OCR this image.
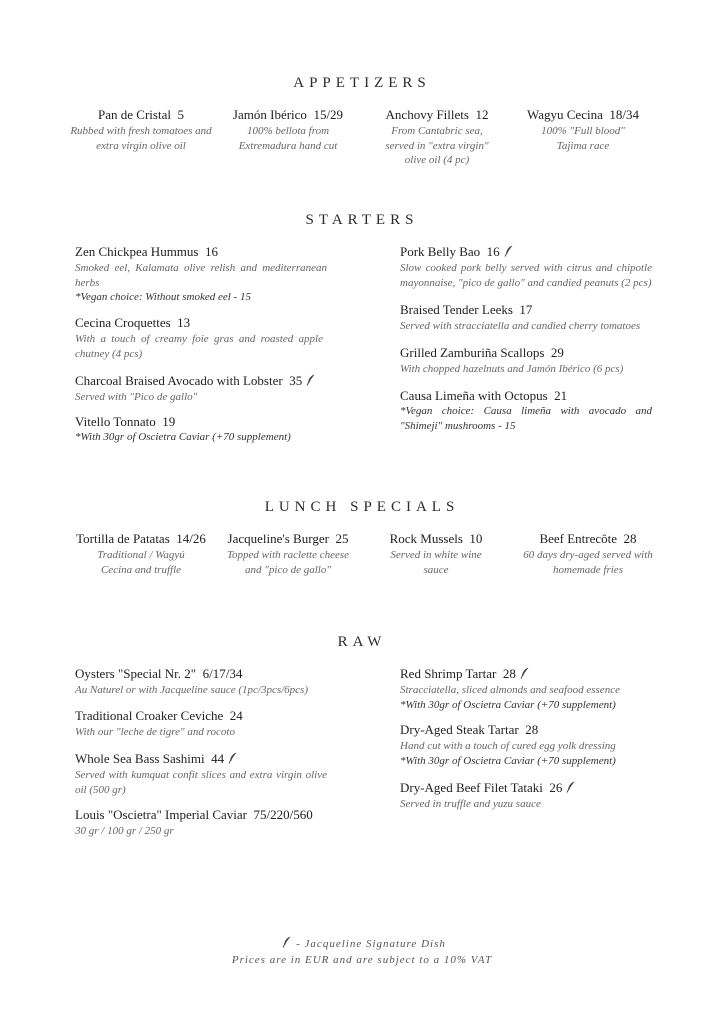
APPETIZERS
Pan de Cristal 5
Rubbed with fresh tomatoes and extra virgin olive oil
Jamón Ibérico 15/29
100% bellota from Extremadura hand cut
Anchovy Fillets 12
From Cantabric sea, served in "extra virgin" olive oil (4 pc)
Wagyu Cecina 18/34
100% "Full blood" Tajima race
STARTERS
Zen Chickpea Hummus 16
Smoked eel, Kalamata olive relish and mediterranean herbs
*Vegan choice: Without smoked eel - 15
Cecina Croquettes 13
With a touch of creamy foie gras and roasted apple chutney (4 pcs)
Charcoal Braised Avocado with Lobster 35
Served with "Pico de gallo"
Vitello Tonnato 19
*With 30gr of Oscietra Caviar (+70 supplement)
Pork Belly Bao 16
Slow cooked pork belly served with citrus and chipotle mayonnaise, "pico de gallo" and candied peanuts (2 pcs)
Braised Tender Leeks 17
Served with stracciatella and candied cherry tomatoes
Grilled Zamburiña Scallops 29
With chopped hazelnuts and Jamón Ibérico (6 pcs)
Causa Limeña with Octopus 21
*Vegan choice: Causa limeña with avocado and "Shimeji" mushrooms - 15
LUNCH SPECIALS
Tortilla de Patatas 14/26
Traditional / Wagyú Cecina and truffle
Jacqueline's Burger 25
Topped with raclette cheese and "pico de gallo"
Rock Mussels 10
Served in white wine sauce
Beef Entrecôte 28
60 days dry-aged served with homemade fries
RAW
Oysters "Special Nr. 2" 6/17/34
Au Naturel or with Jacqueline sauce (1pc/3pcs/6pcs)
Traditional Croaker Ceviche 24
With our "leche de tigre" and rocoto
Whole Sea Bass Sashimi 44
Served with kumquat confit slices and extra virgin olive oil (500 gr)
Louis "Oscietra" Imperial Caviar 75/220/560
30 gr / 100 gr / 250 gr
Red Shrimp Tartar 28
Stracciatella, sliced almonds and seafood essence
*With 30gr of Oscietra Caviar (+70 supplement)
Dry-Aged Steak Tartar 28
Hand cut with a touch of cured egg yolk dressing
*With 30gr of Oscietra Caviar (+70 supplement)
Dry-Aged Beef Filet Tataki 26
Served in truffle and yuzu sauce
- Jacqueline Signature Dish
Prices are in EUR and are subject to a 10% VAT
